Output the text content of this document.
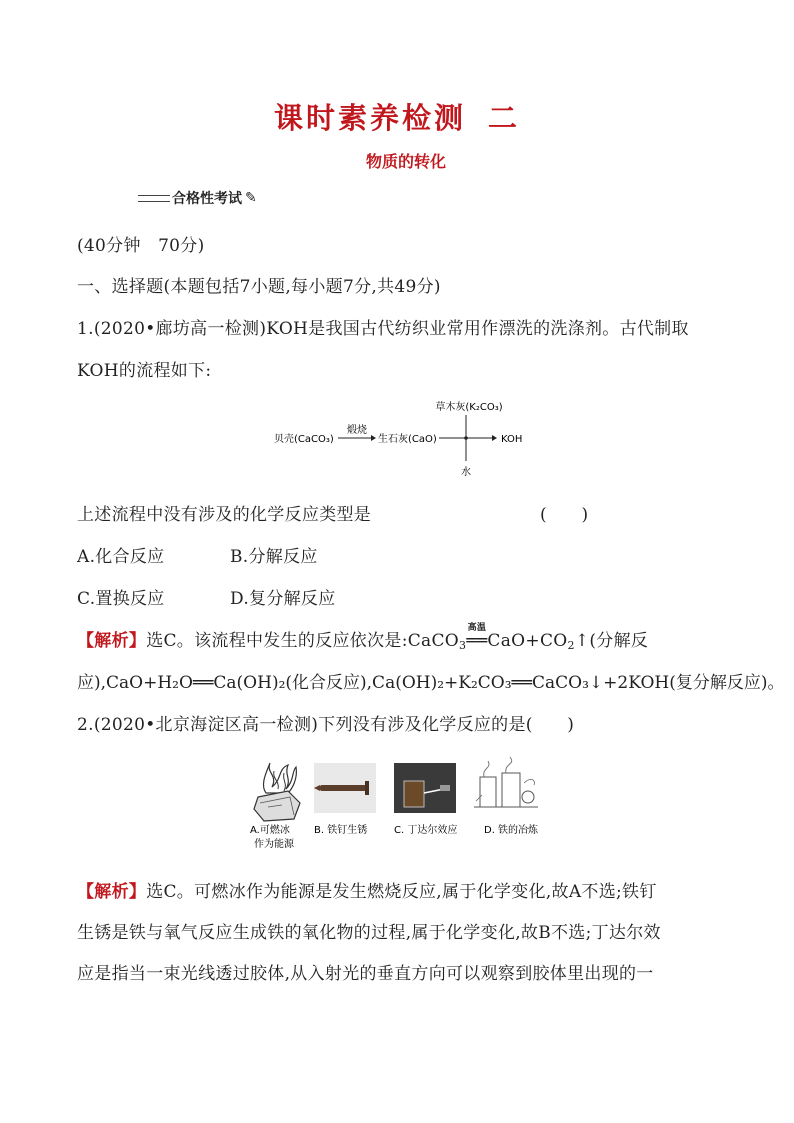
课时素养检测 二
物质的转化
合格性考试 ✎
(40分钟　70分)
一、选择题(本题包括7小题,每小题7分,共49分)
1.(2020•廊坊高一检测)KOH是我国古代纺织业常用作漂洗的洗涤剂。古代制取
KOH的流程如下:
草木灰(K₂CO₃)
贝壳(CaCO₃)
煅烧
生石灰(CaO)	KOH
水
上述流程中没有涉及的化学反应类型是	(　　)
A.化合反应	B.分解反应
C.置换反应	D.复分解反应
【解析】选C。该流程中发生的反应依次是:CaCO$_3$
高温
$══CaO+CO_2↑$(分解反
应),CaO+H₂O══Ca(OH)₂(化合反应),Ca(OH)₂+K₂CO₃══CaCO₃↓+2KOH(复分解反应)。
2.(2020•北京海淀区高一检测)下列没有涉及化学反应的是(　　)
A.可燃冰
作为能源
B. 铁钉生锈	C. 丁达尔效应	D. 铁的冶炼
【解析】选C。可燃冰作为能源是发生燃烧反应,属于化学变化,故A不选;铁钉
生锈是铁与氧气反应生成铁的氧化物的过程,属于化学变化,故B不选;丁达尔效
应是指当一束光线透过胶体,从入射光的垂直方向可以观察到胶体里出现的一
